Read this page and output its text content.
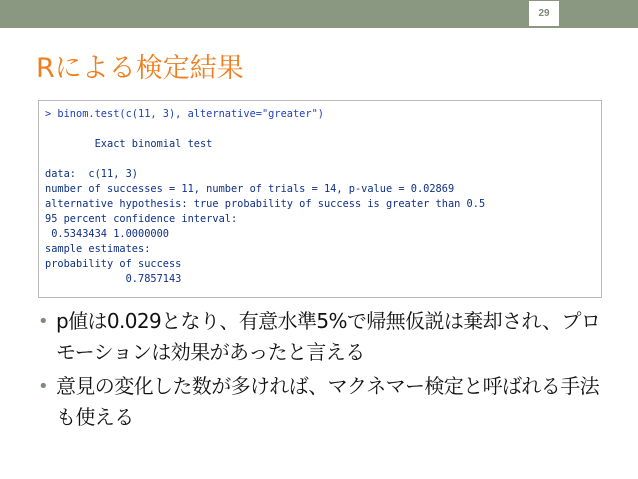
29
Rによる検定結果
> binom.test(c(11, 3), alternative="greater")
Exact binomial test
data:  c(11, 3)
number of successes = 11, number of trials = 14, p-value = 0.02869
alternative hypothesis: true probability of success is greater than 0.5
95 percent confidence interval:
0.5343434 1.0000000
sample estimates:
probability of success
0.7857143
• p値は0.029となり、有意水準5%で帰無仮説は棄却され、プロモーションは効果があったと言える
• 意見の変化した数が多ければ、マクネマー検定と呼ばれる手法も使える
